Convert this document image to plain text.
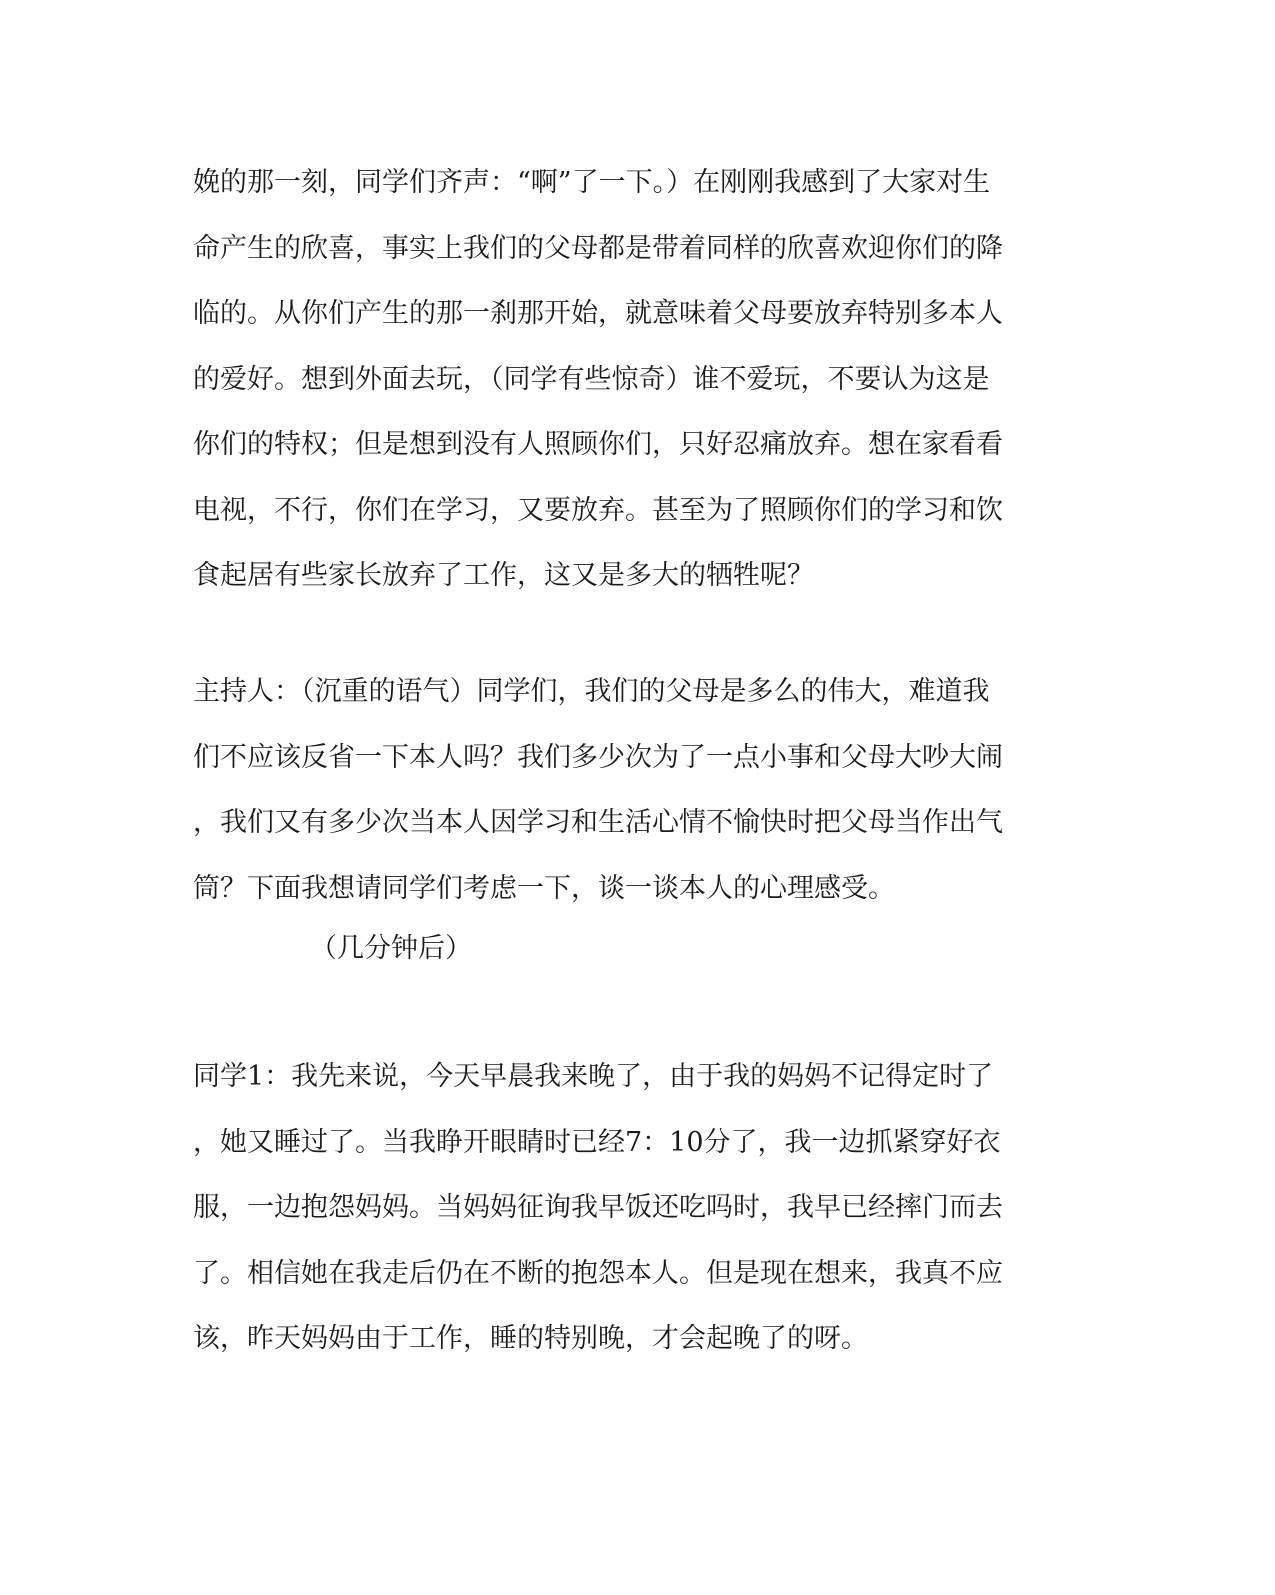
娩的那一刻，同学们齐声：“啊”了一下。）在刚刚我感到了大家对生
命产生的欣喜，事实上我们的父母都是带着同样的欣喜欢迎你们的降
临的。从你们产生的那一刹那开始，就意味着父母要放弃特别多本人
的爱好。想到外面去玩，（同学有些惊奇）谁不爱玩，不要认为这是
你们的特权；但是想到没有人照顾你们，只好忍痛放弃。想在家看看
电视，不行，你们在学习，又要放弃。甚至为了照顾你们的学习和饮
食起居有些家长放弃了工作，这又是多大的牺牲呢？
主持人：（沉重的语气）同学们，我们的父母是多么的伟大，难道我
们不应该反省一下本人吗？我们多少次为了一点小事和父母大吵大闹
，我们又有多少次当本人因学习和生活心情不愉快时把父母当作出气
筒？下面我想请同学们考虑一下，谈一谈本人的心理感受。
（几分钟后）
同学1：我先来说，今天早晨我来晚了，由于我的妈妈不记得定时了
，她又睡过了。当我睁开眼睛时已经7：10分了，我一边抓紧穿好衣
服，一边抱怨妈妈。当妈妈征询我早饭还吃吗时，我早已经摔门而去
了。相信她在我走后仍在不断的抱怨本人。但是现在想来，我真不应
该，昨天妈妈由于工作，睡的特别晚，才会起晚了的呀。
